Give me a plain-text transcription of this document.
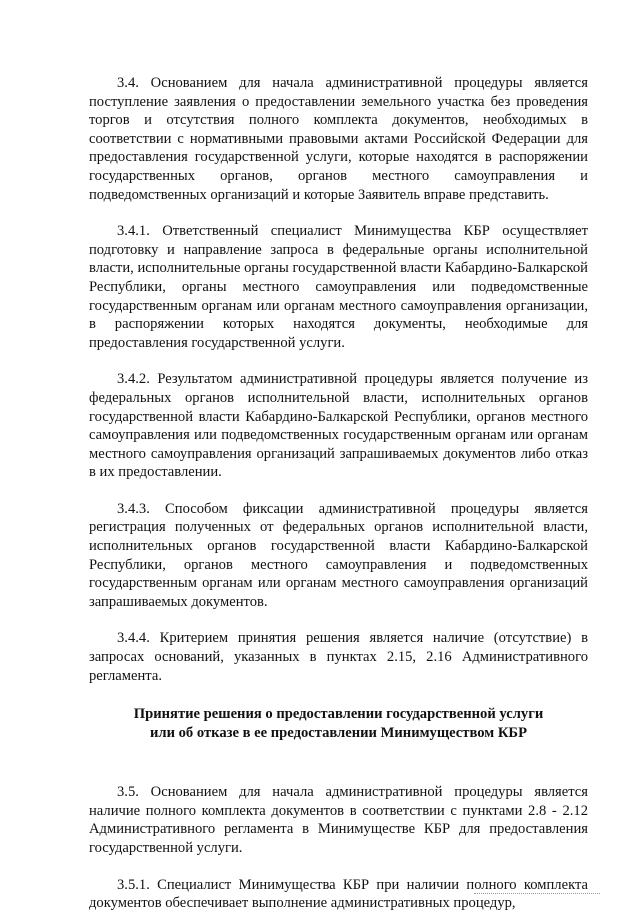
3.4. Основанием для начала административной процедуры является поступление заявления о предоставлении земельного участка без проведения торгов и отсутствия полного комплекта документов, необходимых в соответствии с нормативными правовыми актами Российской Федерации для предоставления государственной услуги, которые находятся в распоряжении государственных органов, органов местного самоуправления и подведомственных организаций и которые Заявитель вправе представить.

3.4.1. Ответственный специалист Минимущества КБР осуществляет подготовку и направление запроса в федеральные органы исполнительной власти, исполнительные органы государственной власти Кабардино-Балкарской Республики, органы местного самоуправления или подведомственные государственным органам или органам местного самоуправления организации, в распоряжении которых находятся документы, необходимые для предоставления государственной услуги.

3.4.2. Результатом административной процедуры является получение из федеральных органов исполнительной власти, исполнительных органов государственной власти Кабардино-Балкарской Республики, органов местного самоуправления или подведомственных государственным органам или органам местного самоуправления организаций запрашиваемых документов либо отказ в их предоставлении.

3.4.3. Способом фиксации административной процедуры является регистрация полученных от федеральных органов исполнительной власти, исполнительных органов государственной власти Кабардино-Балкарской Республики, органов местного самоуправления и подведомственных государственным органам или органам местного самоуправления организаций запрашиваемых документов.

3.4.4. Критерием принятия решения является наличие (отсутствие) в запросах оснований, указанных в пунктах 2.15, 2.16 Административного регламента.

Принятие решения о предоставлении государственной услуги
или об отказе в ее предоставлении Минимуществом КБР

3.5. Основанием для начала административной процедуры является наличие полного комплекта документов в соответствии с пунктами 2.8 - 2.12 Административного регламента в Минимуществе КБР для предоставления государственной услуги.

3.5.1. Специалист Минимущества КБР при наличии полного комплекта документов обеспечивает выполнение административных процедур,
